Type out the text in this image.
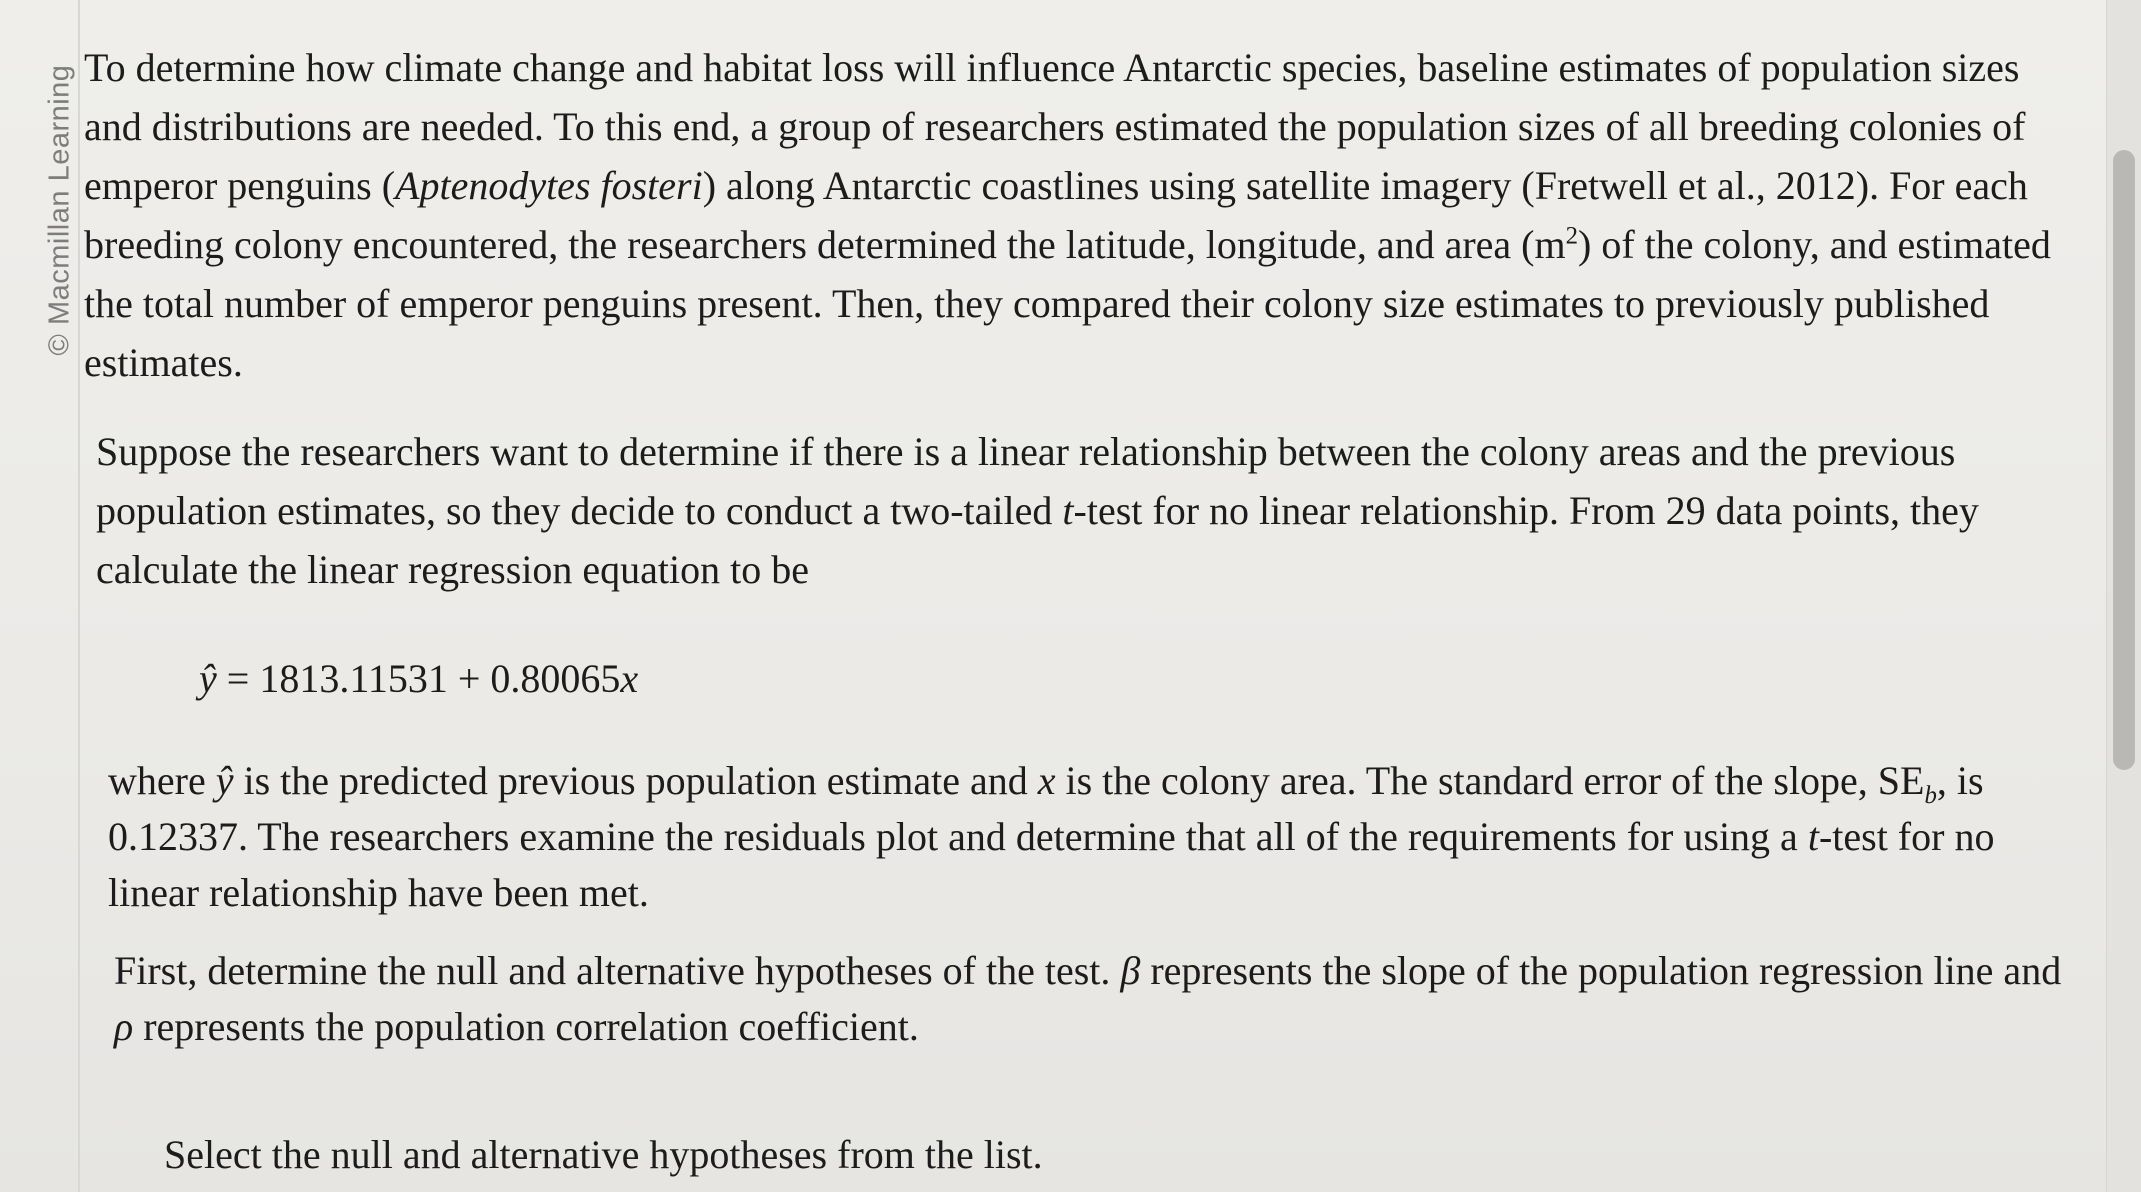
© Macmillan Learning To determine how climate change and habitat loss will influence Antarctic species, baseline estimates of population sizes and distributions are needed. To this end, a group of researchers estimated the population sizes of all breeding colonies of emperor penguins (Aptenodytes fosteri) along Antarctic coastlines using satellite imagery (Fretwell et al., 2012). For each breeding colony encountered, the researchers determined the latitude, longitude, and area $(m^2)$ of the colony, and estimated the total number of emperor penguins present. Then, they compared their colony size estimates to previously published estimates.

Suppose the researchers want to determine if there is a linear relationship between the colony areas and the previous population estimates, so they decide to conduct a two-tailed t-test for no linear relationship. From 29 data points, they calculate the linear regression equation to be

ŷ = 1813.11531 + 0.80065x

where ŷ is the predicted previous population estimate and x is the colony area. The standard error of the slope, $SE_b$, is 0.12337. The researchers examine the residuals plot and determine that all of the requirements for using a t-test for no linear relationship have been met.

First, determine the null and alternative hypotheses of the test. β represents the slope of the population regression line and ρ represents the population correlation coefficient.

Select the null and alternative hypotheses from the list.
